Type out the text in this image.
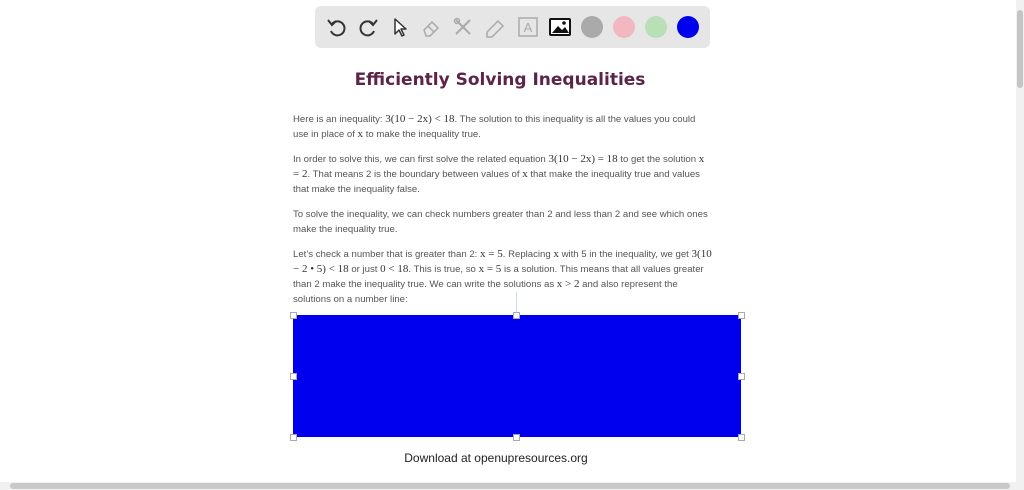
A
Efficiently Solving Inequalities

Here is an inequality: 3(10 − 2x) < 18. The solution to this inequality is all the values you could use in place of x to make the inequality true.

In order to solve this, we can first solve the related equation 3(10 − 2x) = 18 to get the solution x = 2. That means 2 is the boundary between values of x that make the inequality true and values that make the inequality false.

To solve the inequality, we can check numbers greater than 2 and less than 2 and see which ones make the inequality true.

Let’s check a number that is greater than 2: x = 5. Replacing x with 5 in the inequality, we get 3(10 − 2 • 5) < 18 or just 0 < 18. This is true, so x = 5 is a solution. This means that all values greater than 2 make the inequality true. We can write the solutions as x > 2 and also represent the solutions on a number line:

Download at openupresources.org
